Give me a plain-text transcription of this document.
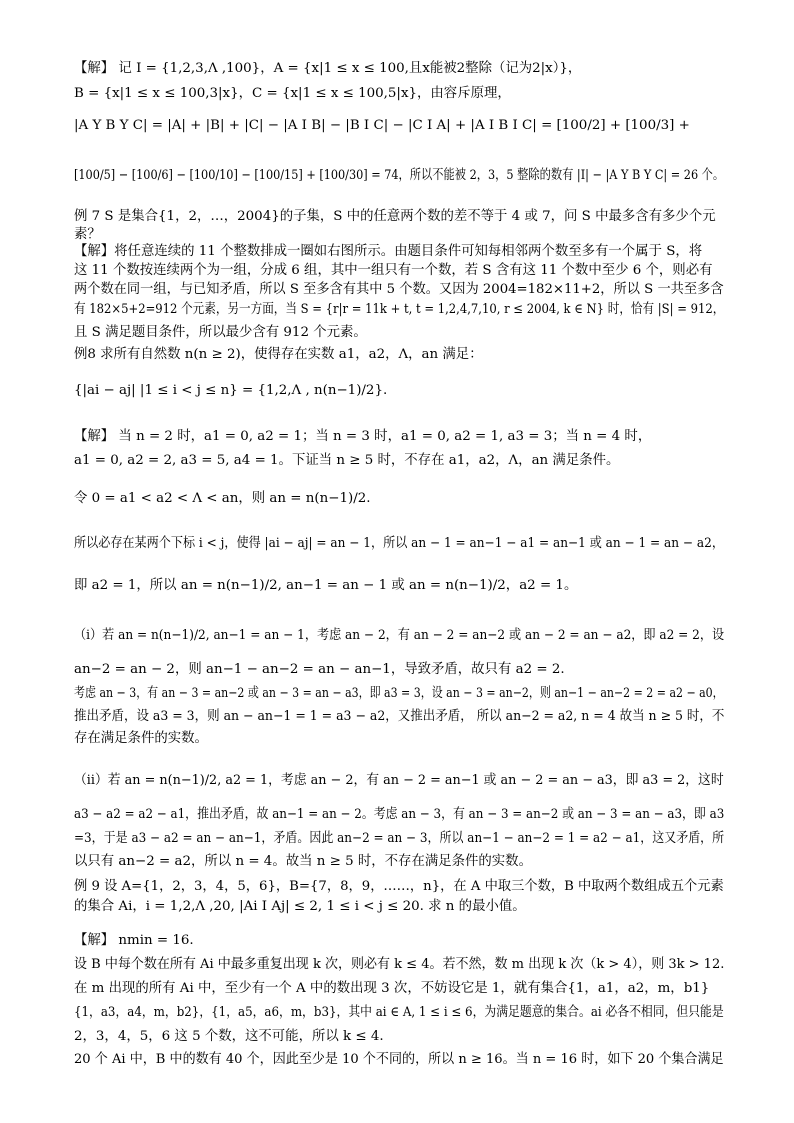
【解】 记 I = {1,2,3,Λ ,100}，A = {x|1 ≤ x ≤ 100,且x能被2整除（记为2|x）}，
B = {x|1 ≤ x ≤ 100,3|x}，C = {x|1 ≤ x ≤ 100,5|x}，由容斥原理，
|A Y B Y C| = |A| + |B| + |C| − |A I B| − |B I C| − |C I A| + |A I B I C| = [100/2] + [100/3] +
[100/5] − [100/6] − [100/10] − [100/15] + [100/30] = 74，所以不能被 2，3，5 整除的数有 |I| − |A Y B Y C| = 26 个。
例 7 S 是集合{1，2，…，2004}的子集，S 中的任意两个数的差不等于 4 或 7，问 S 中最多含有多少个元
素？
【解】将任意连续的 11 个整数排成一圈如右图所示。由题目条件可知每相邻两个数至多有一个属于 S，将
这 11 个数按连续两个为一组，分成 6 组，其中一组只有一个数，若 S 含有这 11 个数中至少 6 个，则必有
两个数在同一组，与已知矛盾，所以 S 至多含有其中 5 个数。又因为 2004=182×11+2，所以 S 一共至多含
有 182×5+2=912 个元素，另一方面，当 S = {r|r = 11k + t, t = 1,2,4,7,10, r ≤ 2004, k ∈ N} 时，恰有 |S| = 912，
且 S 满足题目条件，所以最少含有 912 个元素。
例8 求所有自然数 n(n ≥ 2)，使得存在实数 a1，a2，Λ，an 满足：
{|ai − aj| |1 ≤ i < j ≤ n} = {1,2,Λ , n(n−1)/2}.
【解】 当 n = 2 时，a1 = 0, a2 = 1；当 n = 3 时，a1 = 0, a2 = 1, a3 = 3；当 n = 4 时，
a1 = 0, a2 = 2, a3 = 5, a4 = 1。下证当 n ≥ 5 时，不存在 a1，a2，Λ，an 满足条件。
令 0 = a1 < a2 < Λ < an，则 an = n(n−1)/2.
所以必存在某两个下标 i < j，使得 |ai − aj| = an − 1，所以 an − 1 = an−1 − a1 = an−1 或 an − 1 = an − a2，
即 a2 = 1，所以 an = n(n−1)/2, an−1 = an − 1 或 an = n(n−1)/2，a2 = 1。
（ⅰ）若 an = n(n−1)/2, an−1 = an − 1，考虑 an − 2，有 an − 2 = an−2 或 an − 2 = an − a2，即 a2 = 2，设
an−2 = an − 2，则 an−1 − an−2 = an − an−1，导致矛盾，故只有 a2 = 2.
考虑 an − 3，有 an − 3 = an−2 或 an − 3 = an − a3，即 a3 = 3，设 an − 3 = an−2，则 an−1 − an−2 = 2 = a2 − a0，
推出矛盾，设 a3 = 3，则 an − an−1 = 1 = a3 − a2，又推出矛盾， 所以 an−2 = a2, n = 4 故当 n ≥ 5 时，不
存在满足条件的实数。
（ⅱ）若 an = n(n−1)/2, a2 = 1，考虑 an − 2，有 an − 2 = an−1 或 an − 2 = an − a3，即 a3 = 2，这时
a3 − a2 = a2 − a1，推出矛盾，故 an−1 = an − 2。考虑 an − 3，有 an − 3 = an−2 或 an − 3 = an − a3，即 a3
=3，于是 a3 − a2 = an − an−1，矛盾。因此 an−2 = an − 3，所以 an−1 − an−2 = 1 = a2 − a1，这又矛盾，所
以只有 an−2 = a2，所以 n = 4。故当 n ≥ 5 时，不存在满足条件的实数。
例 9 设 A={1，2，3，4，5，6}，B={7，8，9，……，n}，在 A 中取三个数，B 中取两个数组成五个元素
的集合 Ai，i = 1,2,Λ ,20, |Ai I Aj| ≤ 2, 1 ≤ i < j ≤ 20. 求 n 的最小值。
【解】 nmin = 16.
设 B 中每个数在所有 Ai 中最多重复出现 k 次，则必有 k ≤ 4。若不然，数 m 出现 k 次（k > 4），则 3k > 12.
在 m 出现的所有 Ai 中，至少有一个 A 中的数出现 3 次，不妨设它是 1，就有集合{1，a1，a2，m，b1}
{1，a3，a4，m，b2}，{1，a5，a6，m，b3}，其中 ai ∈ A, 1 ≤ i ≤ 6，为满足题意的集合。ai 必各不相同，但只能是
2，3，4，5，6 这 5 个数，这不可能，所以 k ≤ 4.
20 个 Ai 中，B 中的数有 40 个，因此至少是 10 个不同的，所以 n ≥ 16。当 n = 16 时，如下 20 个集合满足
